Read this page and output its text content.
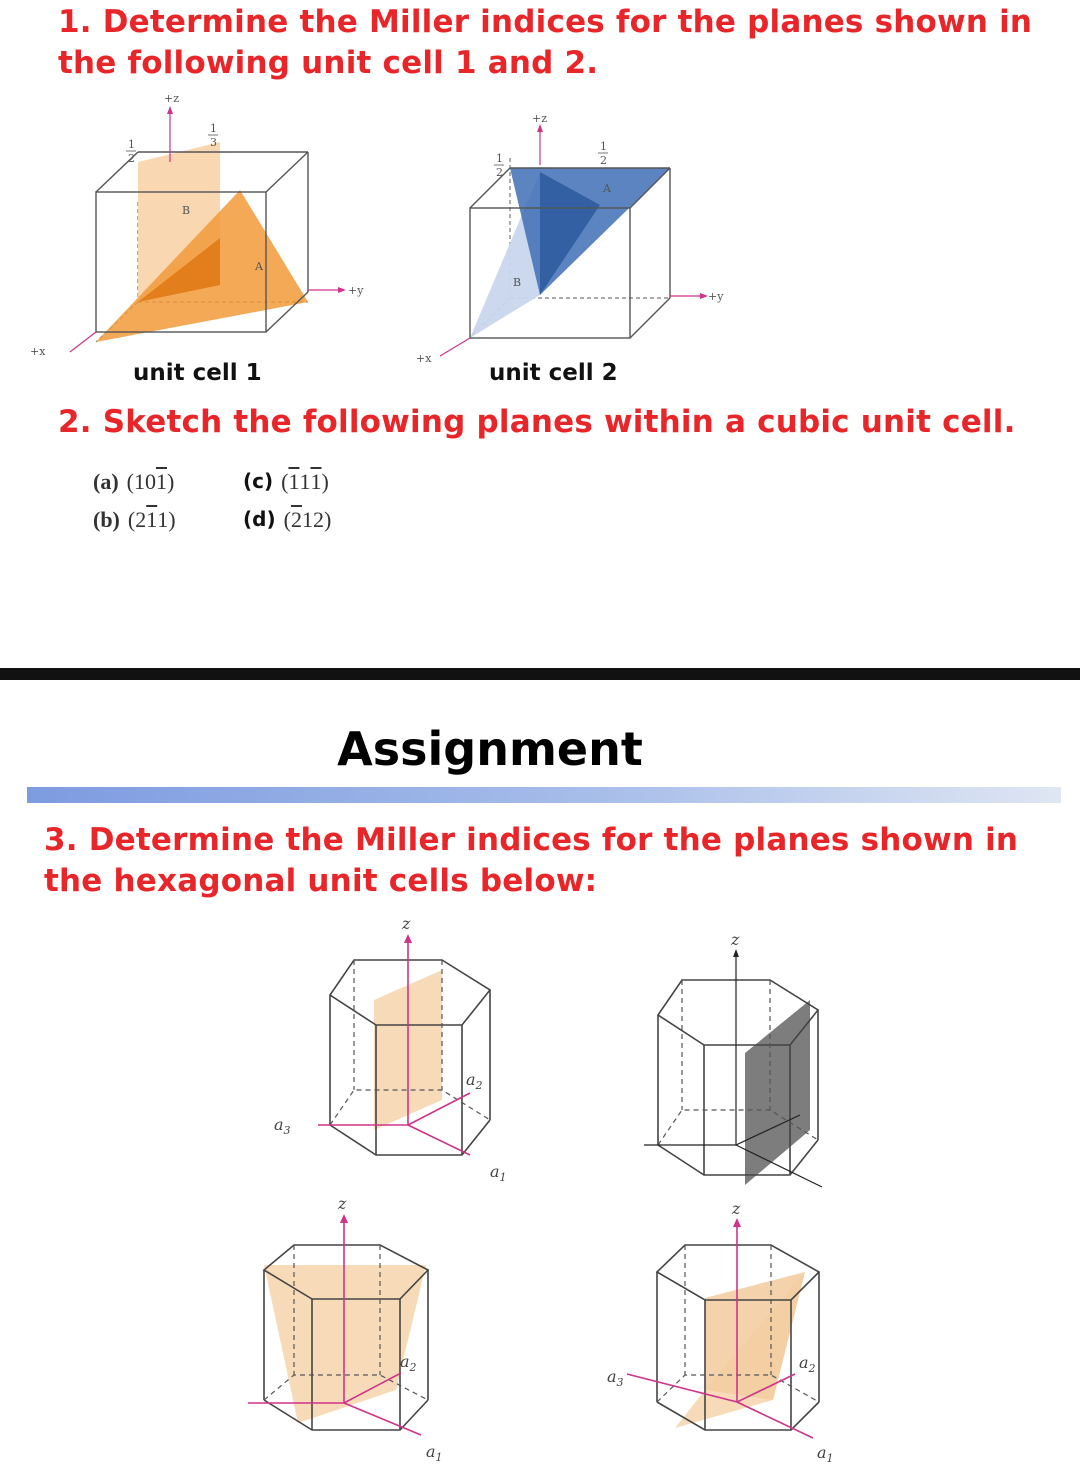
1. Determine the Miller indices for the planes shown in
the following unit cell 1 and 2.
+z
+y
+x
1
2
1
3
B
A
+z
+y
+x
1
2
1
2
A
B
unit cell 1	unit cell 2
2. Sketch the following planes within a cubic unit cell.
(a) (1 0 1 )	(c) ( 1 1 1 )
(b) (2 1 1)	(d) ( 2 12)
Assignment
3. Determine the Miller indices for the planes shown in
the hexagonal unit cells below:
z
$a_3$
$a_2$
$a_1$
z
z
$a_2$
$a_1$
z
$a_3$
$a_2$
$a_1$
